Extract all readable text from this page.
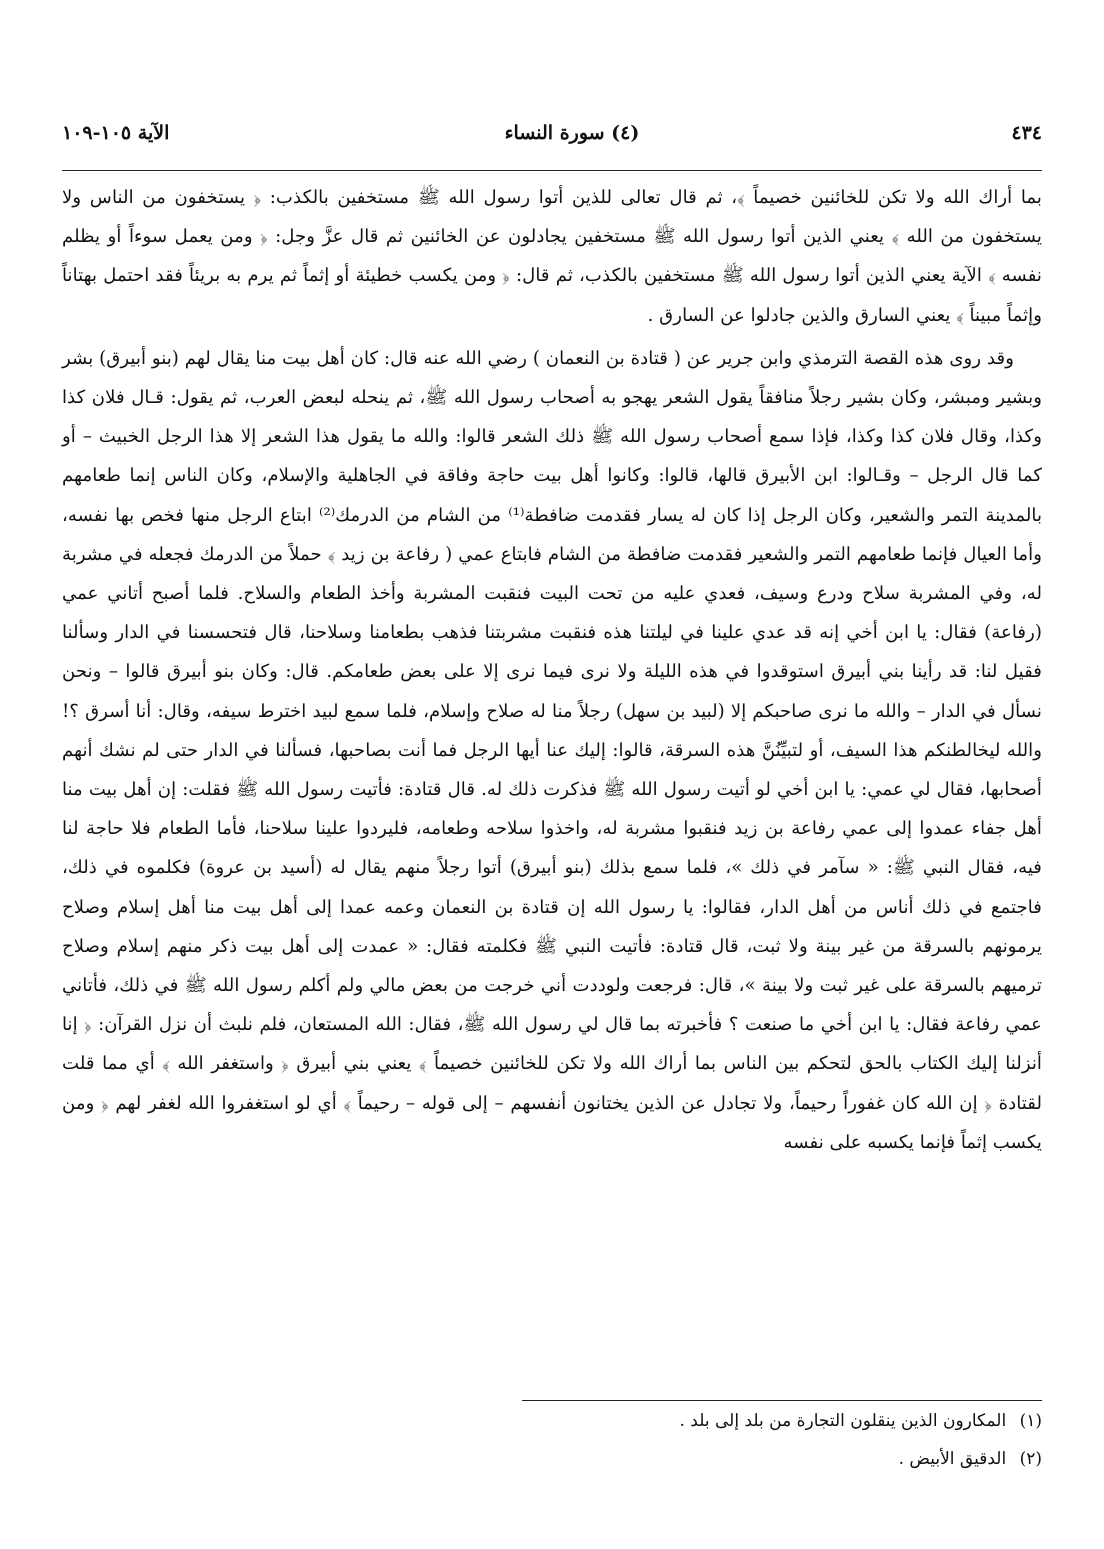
٤٣٤
(٤) سورة النساء
الآية ١٠٥-١٠٩

بما أراك الله ولا تكن للخائنين خصيماً ﴾، ثم قال تعالى للذين أتوا رسول الله ﷺ مستخفين بالكذب: ﴿ يستخفون من الناس ولا يستخفون من الله ﴾ يعني الذين أتوا رسول الله ﷺ مستخفين يجادلون عن الخائنين ثم قال عزَّ وجل: ﴿ ومن يعمل سوءاً أو يظلم نفسه ﴾ الآية يعني الذين أتوا رسول الله ﷺ مستخفين بالكذب، ثم قال: ﴿ ومن يكسب خطيئة أو إثماً ثم يرم به بريئاً فقد احتمل بهتاناً وإثماً مبيناً ﴾ يعني السارق والذين جادلوا عن السارق .

وقد روى هذه القصة الترمذي وابن جرير عن ( قتادة بن النعمان ) رضي الله عنه قال: كان أهل بيت منا يقال لهم (بنو أبيرق) بشر وبشير ومبشر، وكان بشير رجلاً منافقاً يقول الشعر يهجو به أصحاب رسول الله ﷺ، ثم ينحله لبعض العرب، ثم يقول: قـال فلان كذا وكذا، وقال فلان كذا وكذا، فإذا سمع أصحاب رسول الله ﷺ ذلك الشعر قالوا: والله ما يقول هذا الشعر إلا هذا الرجل الخبيث – أو كما قال الرجل – وقـالوا: ابن الأبيرق قالها، قالوا: وكانوا أهل بيت حاجة وفاقة في الجاهلية والإسلام، وكان الناس إنما طعامهم بالمدينة التمر والشعير، وكان الرجل إذا كان له يسار فقدمت ضافطة⁽¹⁾ من الشام من الدرمك⁽²⁾ ابتاع الرجل منها فخص بها نفسه، وأما العيال فإنما طعامهم التمر والشعير فقدمت ضافطة من الشام فابتاع عمي ( رفاعة بن زيد ﴾ حملاً من الدرمك فجعله في مشربة له، وفي المشربة سلاح ودرع وسيف، فعدي عليه من تحت البيت فنقبت المشربة وأخذ الطعام والسلاح. فلما أصبح أتاني عمي (رفاعة) فقال: يا ابن أخي إنه قد عدي علينا في ليلتنا هذه فنقبت مشربتنا فذهب بطعامنا وسلاحنا، قال فتحسسنا في الدار وسألنا فقيل لنا: قد رأينا بني أبيرق استوقدوا في هذه الليلة ولا نرى فيما نرى إلا على بعض طعامكم. قال: وكان بنو أبيرق قالوا – ونحن نسأل في الدار – والله ما نرى صاحبكم إلا (لبيد بن سهل) رجلاً منا له صلاح وإسلام، فلما سمع لبيد اخترط سيفه، وقال: أنا أسرق ؟! والله ليخالطنكم هذا السيف، أو لتبيِّنُنَّ هذه السرقة، قالوا: إليك عنا أيها الرجل فما أنت بصاحبها، فسألنا في الدار حتى لم نشك أنهم أصحابها، فقال لي عمي: يا ابن أخي لو أتيت رسول الله ﷺ فذكرت ذلك له. قال قتادة: فأتيت رسول الله ﷺ فقلت: إن أهل بيت منا أهل جفاء عمدوا إلى عمي رفاعة بن زيد فنقبوا مشربة له، واخذوا سلاحه وطعامه، فليردوا علينا سلاحنا، فأما الطعام فلا حاجة لنا فيه، فقال النبي ﷺ: « سآمر في ذلك »، فلما سمع بذلك (بنو أبيرق) أتوا رجلاً منهم يقال له (أسيد بن عروة) فكلموه في ذلك، فاجتمع في ذلك أناس من أهل الدار، فقالوا: يا رسول الله إن قتادة بن النعمان وعمه عمدا إلى أهل بيت منا أهل إسلام وصلاح يرمونهم بالسرقة من غير بينة ولا ثبت، قال قتادة: فأتيت النبي ﷺ فكلمته فقال: « عمدت إلى أهل بيت ذكر منهم إسلام وصلاح ترميهم بالسرقة على غير ثبت ولا بينة »، قال: فرجعت ولوددت أني خرجت من بعض مالي ولم أكلم رسول الله ﷺ في ذلك، فأتاني عمي رفاعة فقال: يا ابن أخي ما صنعت ؟ فأخبرته بما قال لي رسول الله ﷺ، فقال: الله المستعان، فلم نلبث أن نزل القرآن: ﴿ إنا أنزلنا إليك الكتاب بالحق لتحكم بين الناس بما أراك الله ولا تكن للخائنين خصيماً ﴾ يعني بني أبيرق ﴿ واستغفر الله ﴾ أي مما قلت لقتادة ﴿ إن الله كان غفوراً رحيماً، ولا تجادل عن الذين يختانون أنفسهم – إلى قوله – رحيماً ﴾ أي لو استغفروا الله لغفر لهم ﴿ ومن يكسب إثماً فإنما يكسبه على نفسه

(١) المكارون الذين ينقلون التجارة من بلد إلى بلد .

(٢) الدقيق الأبيض .
